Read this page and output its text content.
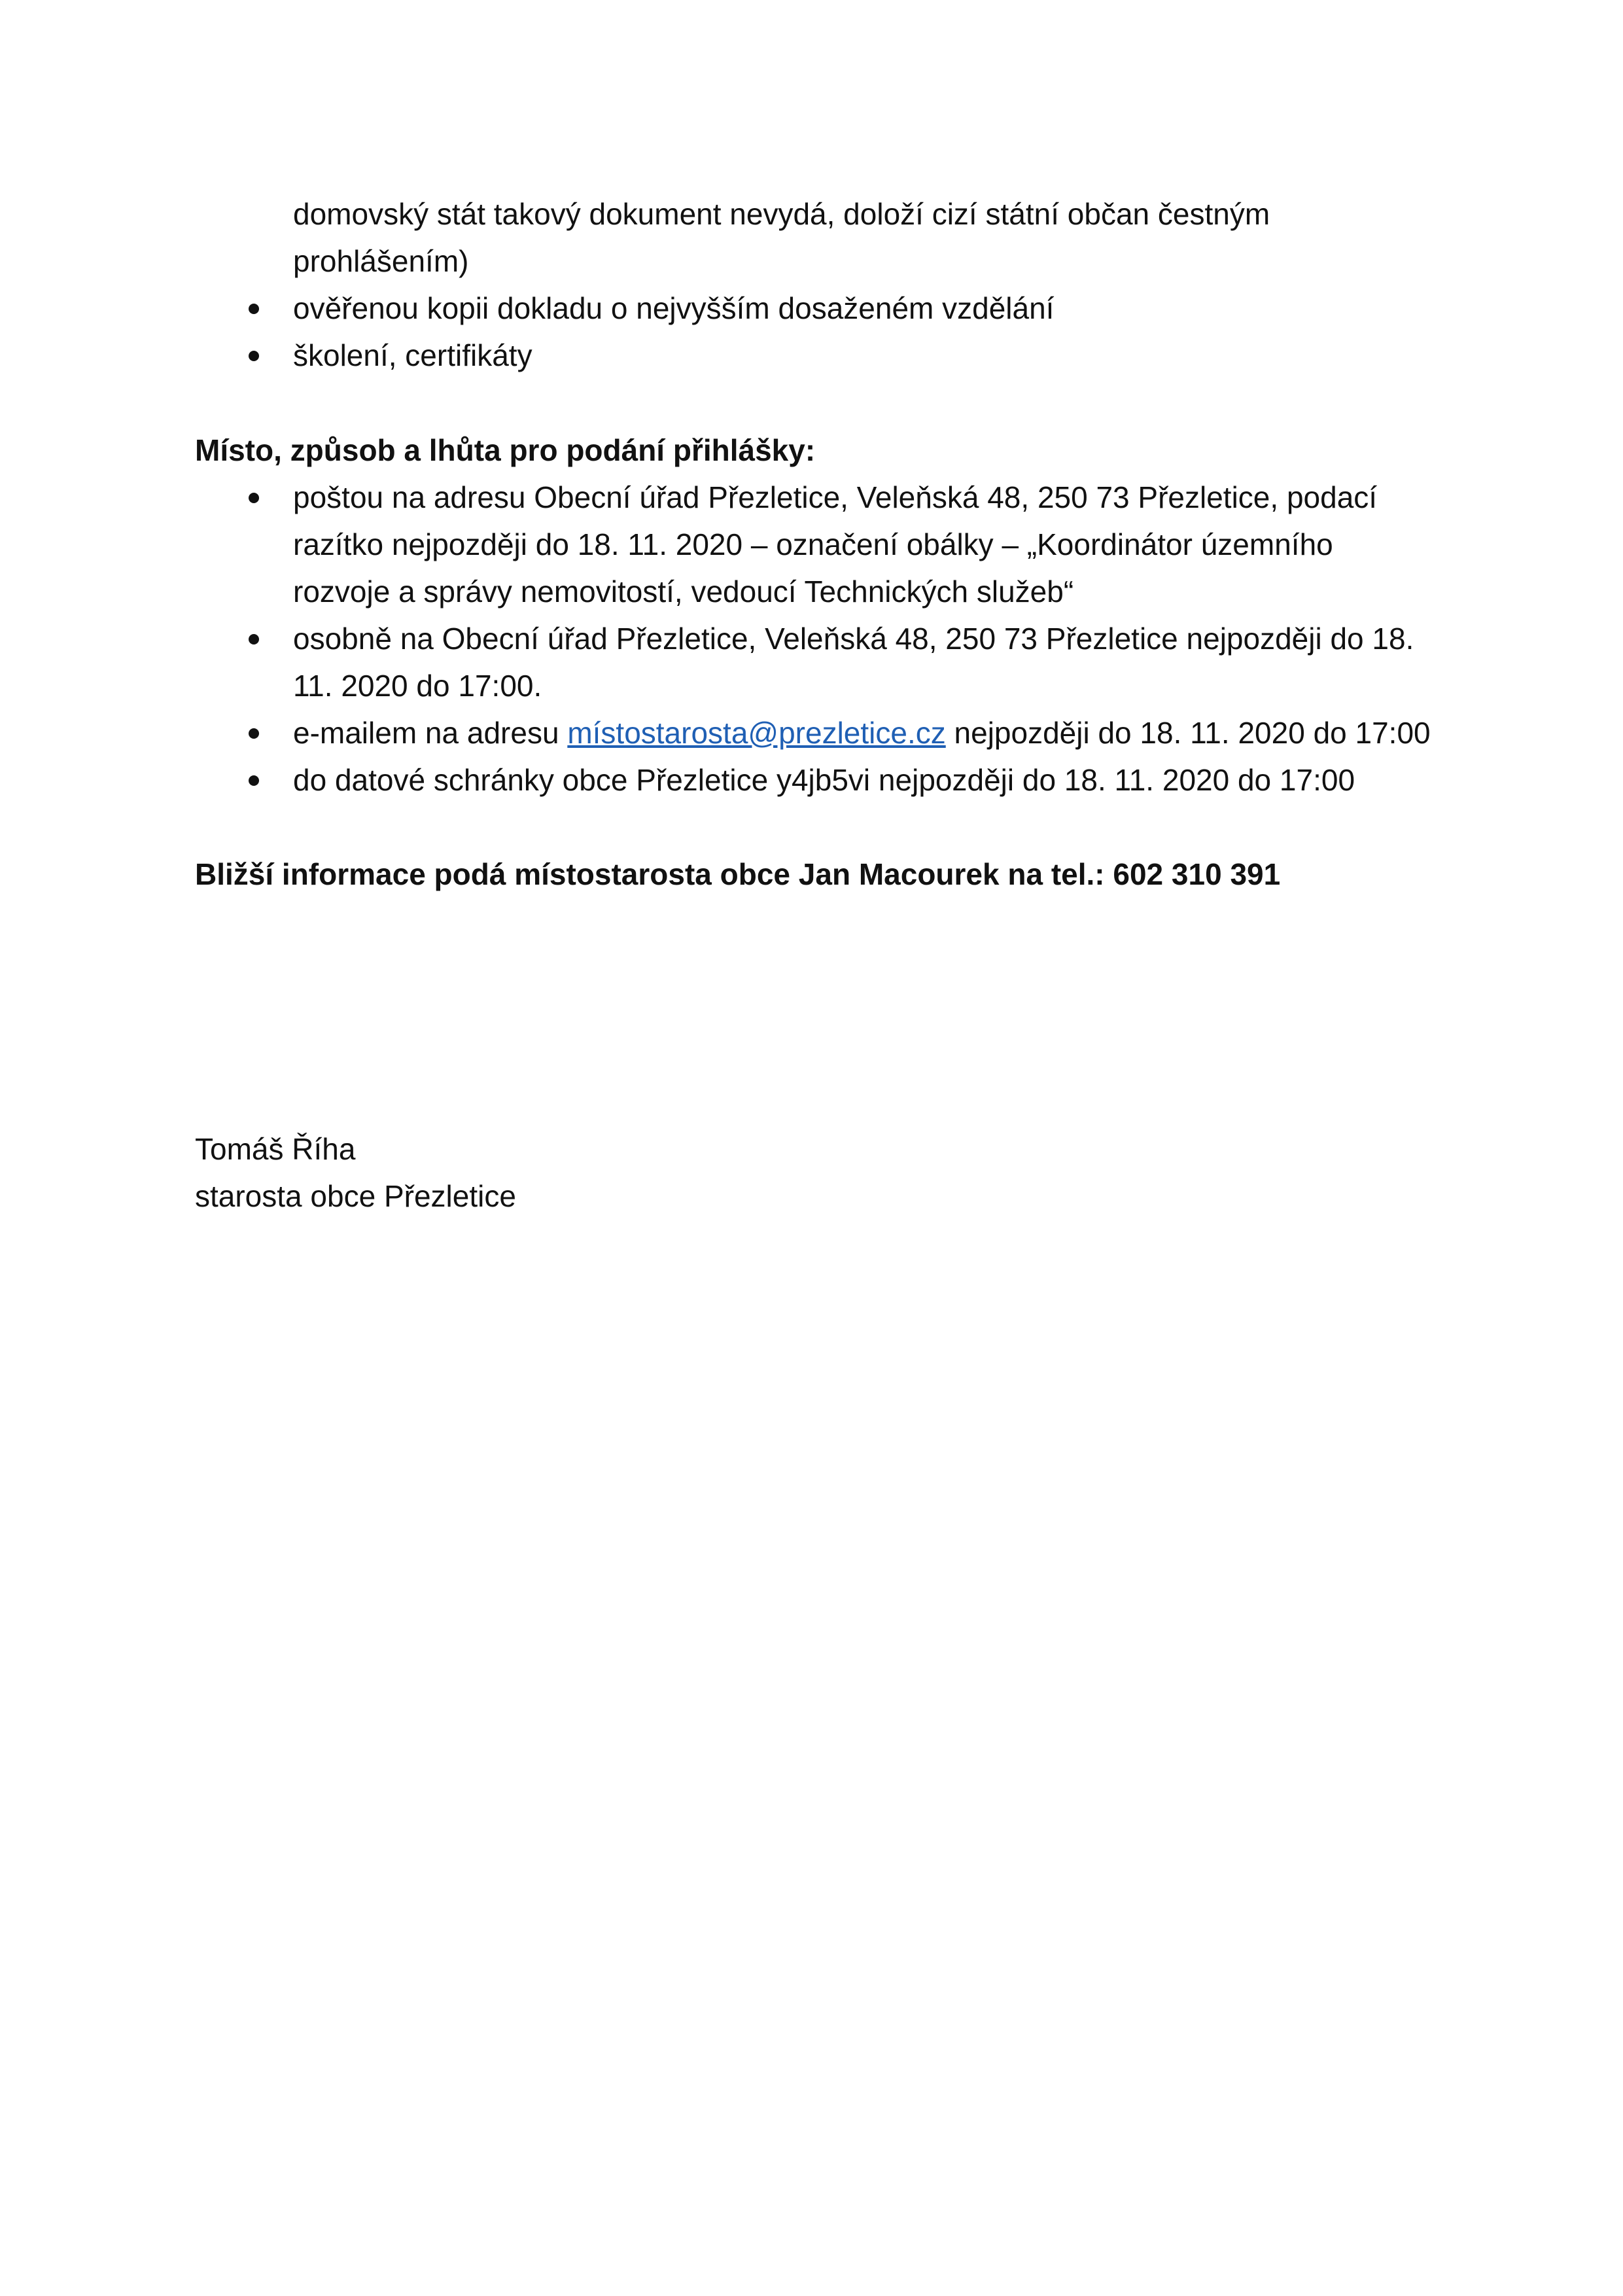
domovský stát takový dokument nevydá, doloží cizí státní občan čestným
prohlášením)
ověřenou kopii dokladu o nejvyšším dosaženém vzdělání
školení, certifikáty
Místo, způsob a lhůta pro podání přihlášky:
poštou na adresu Obecní úřad Přezletice, Veleňská 48, 250 73 Přezletice, podací
razítko nejpozději do 18. 11. 2020 – označení obálky – „Koordinátor územního
rozvoje a správy nemovitostí, vedoucí Technických služeb“
osobně na Obecní úřad Přezletice, Veleňská 48, 250 73 Přezletice nejpozději do 18.
11. 2020 do 17:00.
e-mailem na adresu místostarosta@prezletice.cz nejpozději do 18. 11. 2020 do 17:00
do datové schránky obce Přezletice y4jb5vi nejpozději do 18. 11. 2020 do 17:00
Bližší informace podá místostarosta obce Jan Macourek na tel.: 602 310 391
Tomáš Říha
starosta obce Přezletice
